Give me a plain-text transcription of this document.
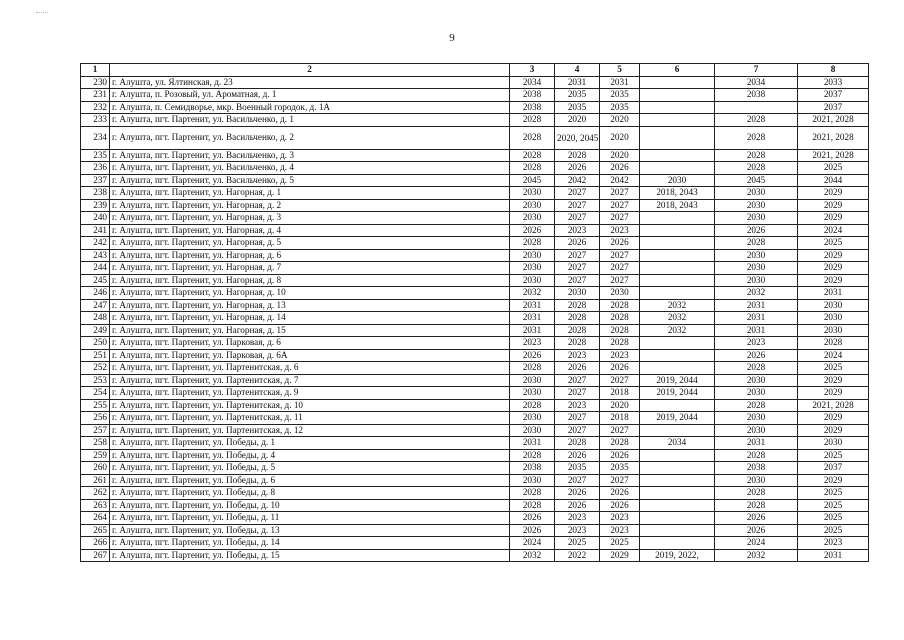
9
1	2	3	4	5	6	7	8
230	г. Алушта, ул. Ялтинская, д. 23	2034	2031	2031		2034	2033
231	г. Алушта, п. Розовый, ул. Ароматная, д. 1	2038	2035	2035		2038	2037
232	г. Алушта, п. Семидворье, мкр. Военный городок, д. 1А	2038	2035	2035			2037
233	г. Алушта, пгт. Партенит, ул. Васильченко, д. 1	2028	2020	2020		2028	2021, 2028
234	г. Алушта, пгт. Партенит, ул. Васильченко, д. 2	2028	2020, 2045	2020		2028	2021, 2028
235	г. Алушта, пгт. Партенит, ул. Васильченко, д. 3	2028	2028	2020		2028	2021, 2028
236	г. Алушта, пгт. Партенит, ул. Васильченко, д. 4	2028	2026	2026		2028	2025
237	г. Алушта, пгт. Партенит, ул. Васильченко, д. 5	2045	2042	2042	2030	2045	2044
238	г. Алушта, пгт. Партенит, ул. Нагорная, д. 1	2030	2027	2027	2018, 2043	2030	2029
239	г. Алушта, пгт. Партенит, ул. Нагорная, д. 2	2030	2027	2027	2018, 2043	2030	2029
240	г. Алушта, пгт. Партенит, ул. Нагорная, д. 3	2030	2027	2027		2030	2029
241	г. Алушта, пгт. Партенит, ул. Нагорная, д. 4	2026	2023	2023		2026	2024
242	г. Алушта, пгт. Партенит, ул. Нагорная, д. 5	2028	2026	2026		2028	2025
243	г. Алушта, пгт. Партенит, ул. Нагорная, д. 6	2030	2027	2027		2030	2029
244	г. Алушта, пгт. Партенит, ул. Нагорная, д. 7	2030	2027	2027		2030	2029
245	г. Алушта, пгт. Партенит, ул. Нагорная, д. 8	2030	2027	2027		2030	2029
246	г. Алушта, пгт. Партенит, ул. Нагорная, д. 10	2032	2030	2030		2032	2031
247	г. Алушта, пгт. Партенит, ул. Нагорная, д. 13	2031	2028	2028	2032	2031	2030
248	г. Алушта, пгт. Партенит, ул. Нагорная, д. 14	2031	2028	2028	2032	2031	2030
249	г. Алушта, пгт. Партенит, ул. Нагорная, д. 15	2031	2028	2028	2032	2031	2030
250	г. Алушта, пгт. Партенит, ул. Парковая, д. 6	2023	2028	2028		2023	2028
251	г. Алушта, пгт. Партенит, ул. Парковая, д. 6А	2026	2023	2023		2026	2024
252	г. Алушта, пгт. Партенит, ул. Партенитская, д. 6	2028	2026	2026		2028	2025
253	г. Алушта, пгт. Партенит, ул. Партенитская, д. 7	2030	2027	2027	2019, 2044	2030	2029
254	г. Алушта, пгт. Партенит, ул. Партенитская, д. 9	2030	2027	2018	2019, 2044	2030	2029
255	г. Алушта, пгт. Партенит, ул. Партенитская, д. 10	2028	2023	2020		2028	2021, 2028
256	г. Алушта, пгт. Партенит, ул. Партенитская, д. 11	2030	2027	2018	2019, 2044	2030	2029
257	г. Алушта, пгт. Партенит, ул. Партенитская, д. 12	2030	2027	2027		2030	2029
258	г. Алушта, пгт. Партенит, ул. Победы, д. 1	2031	2028	2028	2034	2031	2030
259	г. Алушта, пгт. Партенит, ул. Победы, д. 4	2028	2026	2026		2028	2025
260	г. Алушта, пгт. Партенит, ул. Победы, д. 5	2038	2035	2035		2038	2037
261	г. Алушта, пгт. Партенит, ул. Победы, д. 6	2030	2027	2027		2030	2029
262	г. Алушта, пгт. Партенит, ул. Победы, д. 8	2028	2026	2026		2028	2025
263	г. Алушта, пгт. Партенит, ул. Победы, д. 10	2028	2026	2026		2028	2025
264	г. Алушта, пгт. Партенит, ул. Победы, д. 11	2026	2023	2023		2026	2025
265	г. Алушта, пгт. Партенит, ул. Победы, д. 13	2026	2023	2023		2026	2025
266	г. Алушта, пгт. Партенит, ул. Победы, д. 14	2024	2025	2025		2024	2023
267	г. Алушта, пгт. Партенит, ул. Победы, д. 15	2032	2022	2029	2019, 2022,	2032	2031
